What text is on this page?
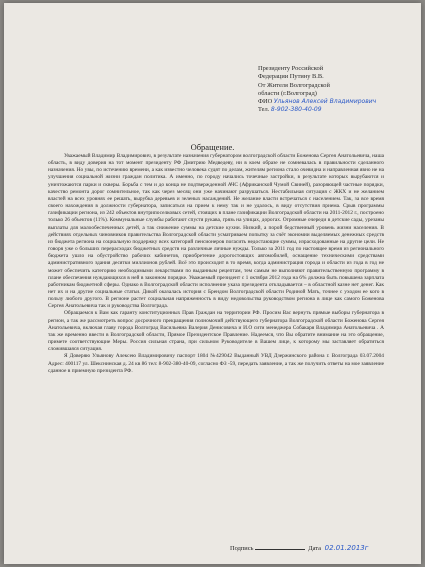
Президенту Российской
Федерации Путину В.В.
От Жителя Волгоградской
области (г.Волгоград)
ФИО Ульянов Алексей Владимирович
Тел. 8-902-380-40-09
Обращение.

Уважаемый Владимир Владимирович, в результате назначения губернатором волгоградской области Боженова Сергея Анатольевича, наша область, в виду доверия на тот момент президенту РФ Дмитрию Медведеву, ни в коем образе не сомневалась в правильности сделанного назначения. Но увы, по истечению времени, а как известно человека судят по делам, жителям региона стало очевидна и направленная явно не на улучшения социальной жизни граждан политика. А именно, по городу начались точечные застройки, в результате которых вырубаются и уничтожаются парки и скверы. Борьба с тем и до конца не подтвержденной АЧС (Африканской Чумой Свиней), разоряющей частные порядки, качество ремонта дорог сомнительное, так как через месяц они уже начинают разрушаться. Нестабильная ситуация с ЖКХ и не желанием властей на всех уровнях ее решать, вырубка деревьев и зеленых насаждений. Не желание власти встречаться с населением. Так, за все время своего нахождения в должности губернатора, записаться на прием к нему так и не удалось, в виду отсутствия приема. Срыв программы газификации региона, из 242 объектов внутрипоселковых сетей, стоящих в плане газификации Волгоградской области на 2011-2012 г., построено только 26 объектов (11%). Коммунальные службы работают спустя рукава, грязь на улицах, дорогах. Огромные очереди в детские сады, урезаны выплаты для малообеспеченных детей, а так снижение суммы на детские кухни. Низкий, а порой бедственный уровень жизни населения. В действиях отдельных чиновников правительства Волгоградской области усматриваем попытку за счёт экономии выделяемых денежных средств из бюджета региона на социальную поддержку всех категорий пенсионеров погасить недостающие суммы, израсходованные на другие цели. Не говоря уже о больших перерасходах бюджетных средств на различные личные нужды. Только за 2011 год по настоящее время из регионального бюджета ушло на обустройство рабочих кабинетов, приобретение дорогостоящих автомобилей, оснащение техническими средствами административного здания десятки миллионов рублей. Всё это происходит в то время, когда администрация города и области из года в год не может обеспечить категорию необходимыми лекарствами по выданным рецептам, тем самым не выполняют правительственную программу в плане обеспечения нуждающихся в ней в законном порядке. Уважаемый президент с 1 октября 2012 года на 6% должна быть повышена зарплата работникам бюджетной сферы. Однако в Волгоградской области исполнение указа президента откладывается – в областной казне нет денег. Как нет их и на другие социальные статьи. Дикой оказалась история с Брендом Волгоградской области Родиной Мать, точнее с уходом ее кого в пользу любого другого. В регионе растет социальная напряженность в виду недовольства руководством региона в лице как самого Боженова Сергея Анатольевича так и руководства Волгограда.

Обращаемся к Вам как гаранту конституционных Прав Граждан на территории РФ. Просим Вас вернуть прямые выборы губернатора в регион, а так же рассмотреть вопрос досрочного прекращения полномочий действующего губернатора Волгоградской области Боженова Сергея Анатольевича, включая главу города Волгоград Васильевна Валерия Денисовича и И.О сити менеджера Собакаря Владимира Анатольевича . А так же временно ввести в Волгоградской области, Прямое Президентское Правление. Надеемся, что Вы обратите внимание на это обращение, примете соответствующие Меры. Россия сильная страна, при сильном Руководителе в Вашем лице, к которому мы заставляет обратиться сложившаяся ситуация.

Я Доверяю Ульянову Алексею Владимировичу паспорт 1804 №429042 Выданный УВД Дзержинского района г. Волгограда 03.07.2004 Адрес: 400117 ул. Шекснинская д. 24 кв 86 тел: 8-902-380-40-09, согласно ФЗ -59, передать заявление, а так же получить ответы на мое заявление сданное в приемную президента РФ.

Подпись	Дата 02.01.2013г
